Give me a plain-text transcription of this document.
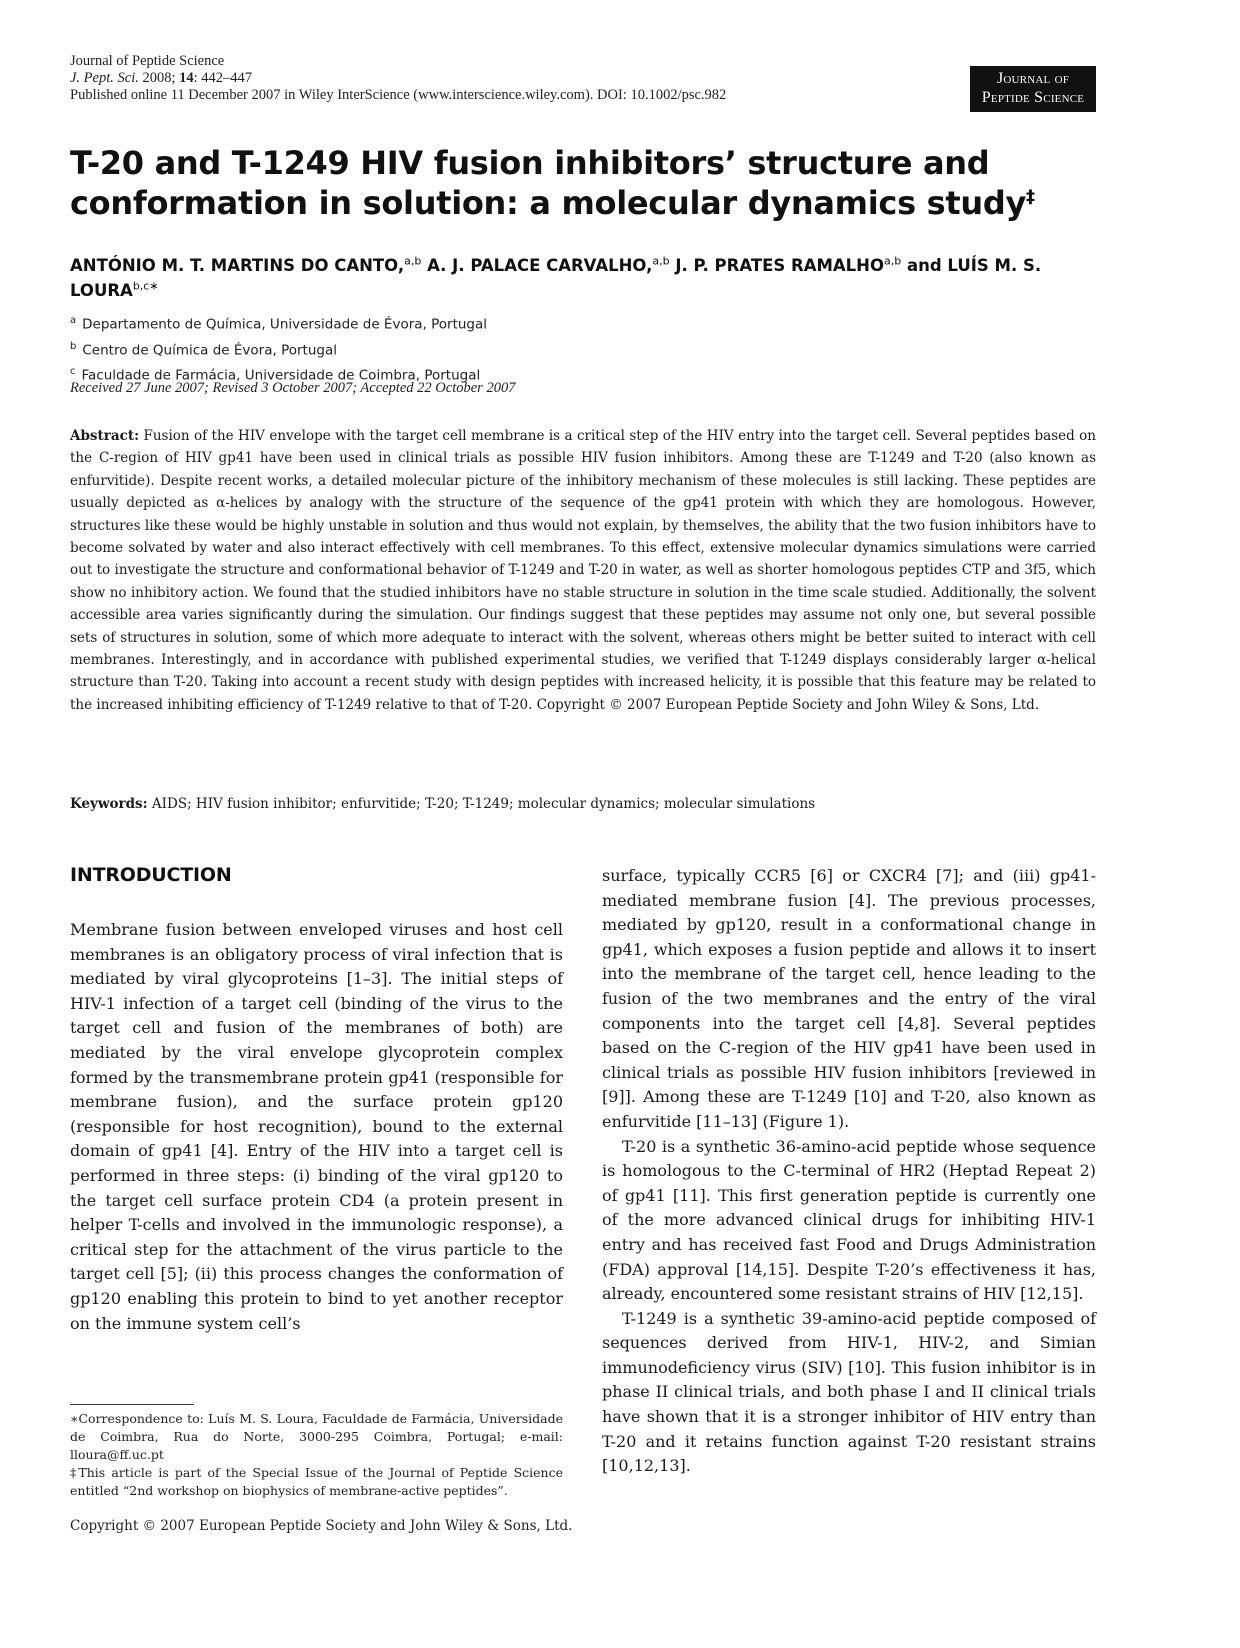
Journal of Peptide Science
J. Pept. Sci. 2008; 14: 442–447
Published online 11 December 2007 in Wiley InterScience (www.interscience.wiley.com). DOI: 10.1002/psc.982
Journal of
Peptide Science
T-20 and T-1249 HIV fusion inhibitors’ structure and conformation in solution: a molecular dynamics study‡
ANTÓNIO M. T. MARTINS DO CANTO,$^{a,b}$ A. J. PALACE CARVALHO,$^{a,b}$ J. P. PRATES RAMALHO$^{a,b}$ and LUÍS M. S. $LOURA^{b,c∗}$
$^a$ Departamento de Química, Universidade de Évora, Portugal
$^b$ Centro de Química de Évora, Portugal
$^c$ Faculdade de Farmácia, Universidade de Coimbra, Portugal
Received 27 June 2007; Revised 3 October 2007; Accepted 22 October 2007
Abstract: Fusion of the HIV envelope with the target cell membrane is a critical step of the HIV entry into the target cell. Several peptides based on the C-region of HIV gp41 have been used in clinical trials as possible HIV fusion inhibitors. Among these are T-1249 and T-20 (also known as enfurvitide). Despite recent works, a detailed molecular picture of the inhibitory mechanism of these molecules is still lacking. These peptides are usually depicted as α-helices by analogy with the structure of the sequence of the gp41 protein with which they are homologous. However, structures like these would be highly unstable in solution and thus would not explain, by themselves, the ability that the two fusion inhibitors have to become solvated by water and also interact effectively with cell membranes. To this effect, extensive molecular dynamics simulations were carried out to investigate the structure and conformational behavior of T-1249 and T-20 in water, as well as shorter homologous peptides CTP and 3f5, which show no inhibitory action. We found that the studied inhibitors have no stable structure in solution in the time scale studied. Additionally, the solvent accessible area varies significantly during the simulation. Our findings suggest that these peptides may assume not only one, but several possible sets of structures in solution, some of which more adequate to interact with the solvent, whereas others might be better suited to interact with cell membranes. Interestingly, and in accordance with published experimental studies, we verified that T-1249 displays considerably larger α-helical structure than T-20. Taking into account a recent study with design peptides with increased helicity, it is possible that this feature may be related to the increased inhibiting efficiency of T-1249 relative to that of T-20. Copyright © 2007 European Peptide Society and John Wiley & Sons, Ltd.
Keywords: AIDS; HIV fusion inhibitor; enfurvitide; T-20; T-1249; molecular dynamics; molecular simulations
INTRODUCTION

Membrane fusion between enveloped viruses and host cell membranes is an obligatory process of viral infection that is mediated by viral glycoproteins [1–3]. The initial steps of HIV-1 infection of a target cell (binding of the virus to the target cell and fusion of the membranes of both) are mediated by the viral envelope glycoprotein complex formed by the transmembrane protein gp41 (responsible for membrane fusion), and the surface protein gp120 (responsible for host recognition), bound to the external domain of gp41 [4]. Entry of the HIV into a target cell is performed in three steps: (i) binding of the viral gp120 to the target cell surface protein CD4 (a protein present in helper T-cells and involved in the immunologic response), a critical step for the attachment of the virus particle to the target cell [5]; (ii) this process changes the conformation of gp120 enabling this protein to bind to yet another receptor on the immune system cell’s

surface, typically CCR5 [6] or CXCR4 [7]; and (iii) gp41-mediated membrane fusion [4]. The previous processes, mediated by gp120, result in a conformational change in gp41, which exposes a fusion peptide and allows it to insert into the membrane of the target cell, hence leading to the fusion of the two membranes and the entry of the viral components into the target cell [4,8]. Several peptides based on the C-region of the HIV gp41 have been used in clinical trials as possible HIV fusion inhibitors [reviewed in [9]]. Among these are T-1249 [10] and T-20, also known as enfurvitide [11–13] (Figure 1).

T-20 is a synthetic 36-amino-acid peptide whose sequence is homologous to the C-terminal of HR2 (Heptad Repeat 2) of gp41 [11]. This first generation peptide is currently one of the more advanced clinical drugs for inhibiting HIV-1 entry and has received fast Food and Drugs Administration (FDA) approval [14,15]. Despite T-20’s effectiveness it has, already, encountered some resistant strains of HIV [12,15].

T-1249 is a synthetic 39-amino-acid peptide composed of sequences derived from HIV-1, HIV-2, and Simian immunodeficiency virus (SIV) [10]. This fusion inhibitor is in phase II clinical trials, and both phase I and II clinical trials have shown that it is a stronger inhibitor of HIV entry than T-20 and it retains function against T-20 resistant strains [10,12,13].

∗Correspondence to: Luís M. S. Loura, Faculdade de Farmácia, Universidade de Coimbra, Rua do Norte, 3000-295 Coimbra, Portugal; e-mail: lloura@ff.uc.pt

‡This article is part of the Special Issue of the Journal of Peptide Science entitled “2nd workshop on biophysics of membrane-active peptides”.

Copyright © 2007 European Peptide Society and John Wiley & Sons, Ltd.
